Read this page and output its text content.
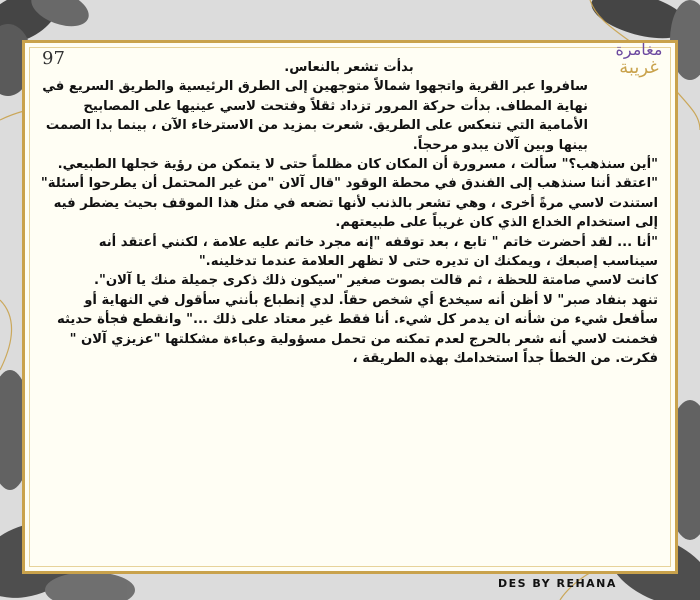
97	مغامرة
غريبة

بدأت تشعر بالنعاس.

سافروا عبر القرية واتجهوا شمالاً متوجهين إلى الطرق الرئيسية والطريق السريع في نهاية المطاف. بدأت حركة المرور تزداد ثقلاً وفتحت لاسي عينيها على المصابيح الأمامية التي تنعكس على الطريق. شعرت بمزيد من الاسترخاء الآن ، بينما بدا الصمت بينها وبين آلان يبدو مرحجاً.

"أين سنذهب؟" سألت ، مسرورة أن المكان كان مظلماً حتى لا يتمكن من رؤية خجلها الطبيعي.

"اعتقد أننا سنذهب إلى الفندق في محطة الوقود "قال آلان "من غير المحتمل أن يطرحوا أسئلة" استندت لاسي مرةً أخرى ، وهي تشعر بالذنب لأنها تضعه في مثل هذا الموقف بحيث يضطر فيه إلى استخدام الخداع الذي كان غريباً على طبيعتهم.

"أنا ... لقد أحضرت خاتم " تابع ، بعد توقفه "إنه مجرد خاتم عليه علامة ، لكنني أعتقد أنه سيناسب إصبعك ، ويمكنك ان تديره حتى لا تظهر العلامة عندما تدخلينه."

كانت لاسي صامتة للحظة ، ثم قالت بصوت صغير "سيكون ذلك ذكرى جميلة منك يا آلان".

تنهد بنفاد صبر" لا أظن أنه سيخدع أي شخص حقاً. لدي إنطباع بأنني سأقول في النهاية أو سأفعل شيء من شأنه ان يدمر كل شيء. أنا فقط غير معتاد على ذلك ..." وانقطع فجأة حديثه فخمنت لاسي أنه شعر بالحرج لعدم تمكنه من تحمل مسؤولية وعباءة مشكلتها "عزيزي آلان " فكرت. من الخطأ جداً استخدامك بهذه الطريقة ،

DES BY REHANA
